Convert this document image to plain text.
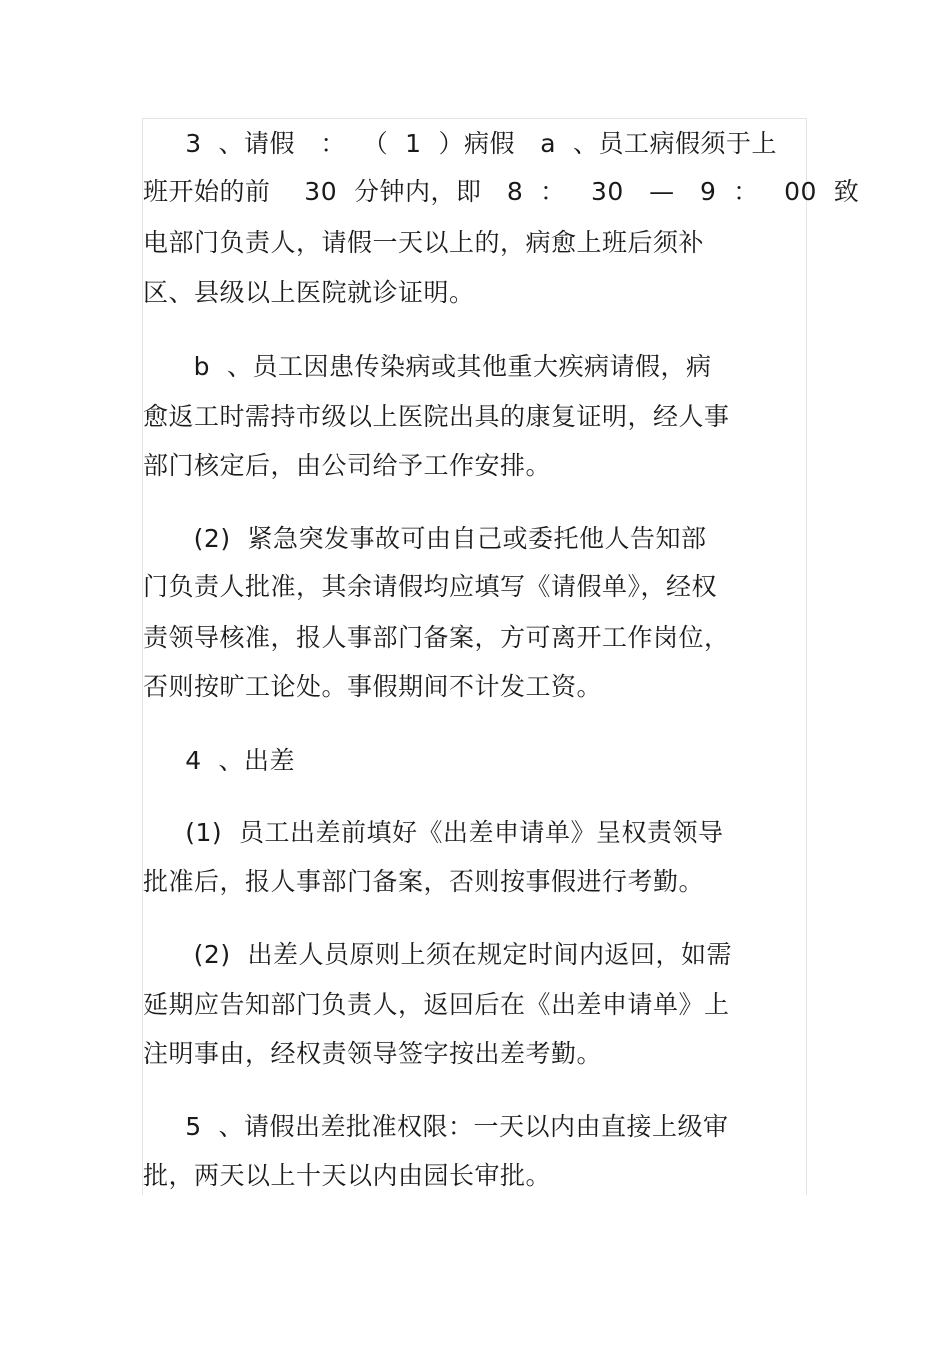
3  、请假   ：  （  1  ）病假   a  、员工病假须于上
班开始的前    30  分钟内，即   8  ：   30   —   9  ：   00  致
电部门负责人，请假一天以上的，病愈上班后须补
区、县级以上医院就诊证明。
b  、员工因患传染病或其他重大疾病请假，病
愈返工时需持市级以上医院出具的康复证明，经人事
部门核定后，由公司给予工作安排。
(2)  紧急突发事故可由自己或委托他人告知部
门负责人批准，其余请假均应填写《请假单》，经权
责领导核准，报人事部门备案，方可离开工作岗位，
否则按旷工论处。事假期间不计发工资。
4  、出差
(1)  员工出差前填好《出差申请单》呈权责领导
批准后，报人事部门备案，否则按事假进行考勤。
(2)  出差人员原则上须在规定时间内返回，如需
延期应告知部门负责人，返回后在《出差申请单》上
注明事由，经权责领导签字按出差考勤。
5  、请假出差批准权限：一天以内由直接上级审
批，两天以上十天以内由园长审批。
